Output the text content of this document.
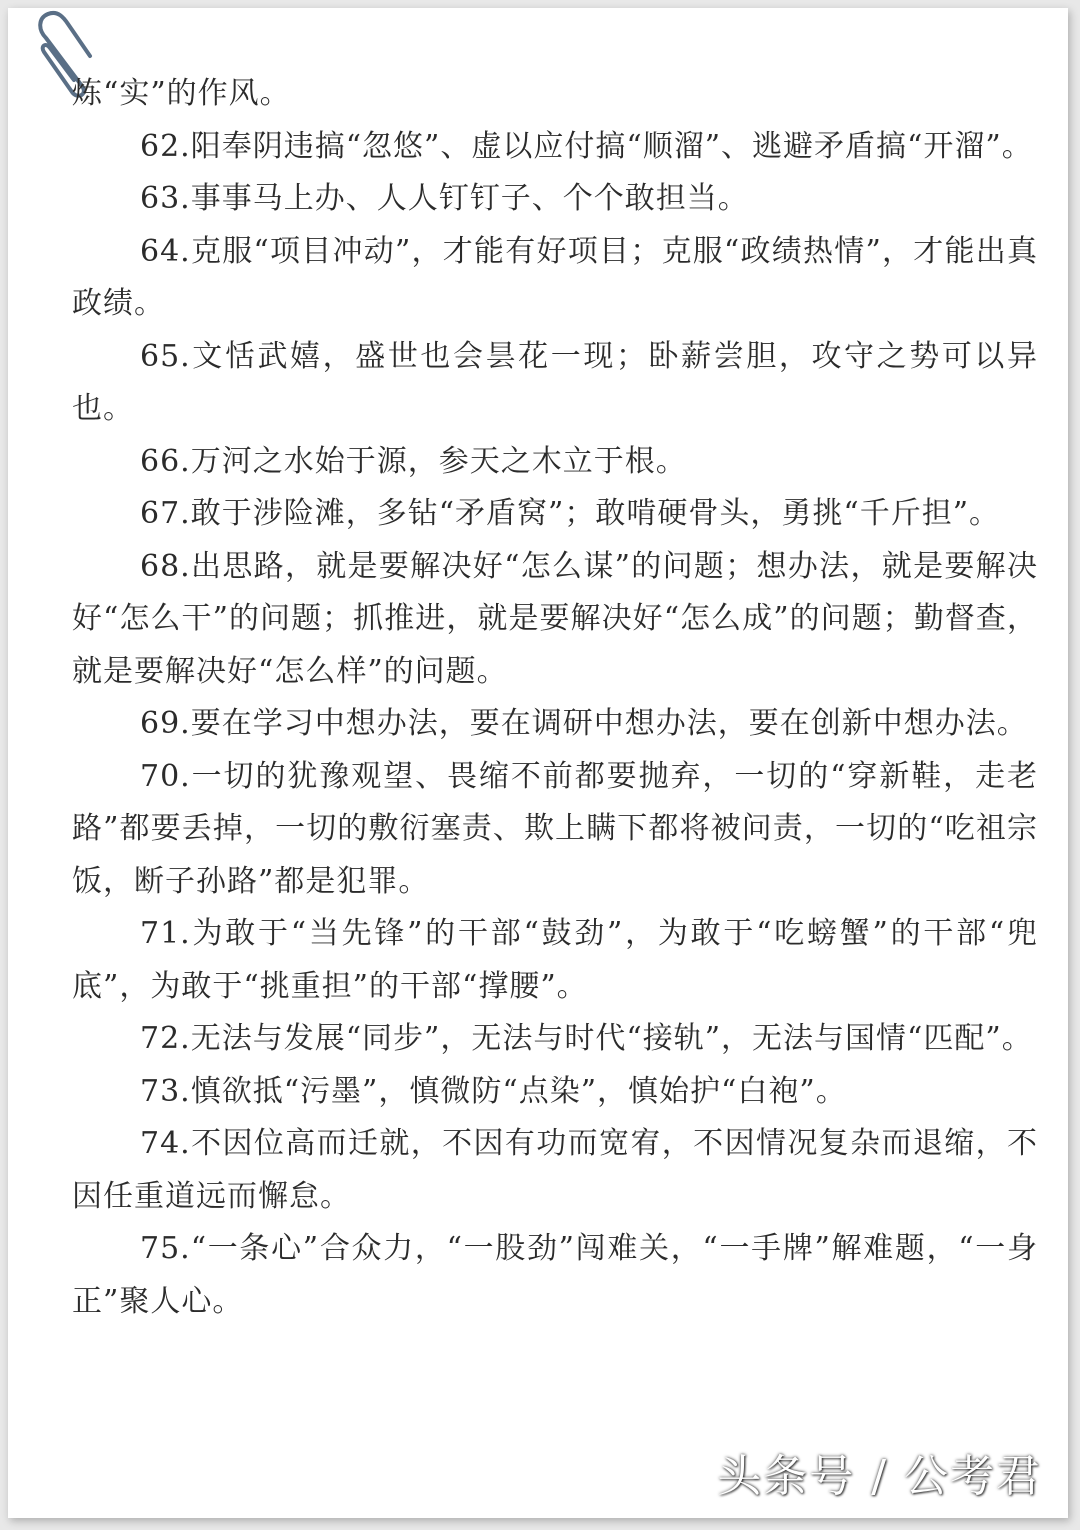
炼“实”的作风。

62.阳奉阴违搞“忽悠”、虚以应付搞“顺溜”、逃避矛盾搞“开溜”。

63.事事马上办、人人钉钉子、个个敢担当。

64.克服“项目冲动”，才能有好项目；克服“政绩热情”，才能出真政绩。

65.文恬武嬉，盛世也会昙花一现；卧薪尝胆，攻守之势可以异也。

66.万河之水始于源，参天之木立于根。

67.敢于涉险滩，多钻“矛盾窝”；敢啃硬骨头，勇挑“千斤担”。

68.出思路，就是要解决好“怎么谋”的问题；想办法，就是要解决好“怎么干”的问题；抓推进，就是要解决好“怎么成”的问题；勤督查，就是要解决好“怎么样”的问题。

69.要在学习中想办法，要在调研中想办法，要在创新中想办法。

70.一切的犹豫观望、畏缩不前都要抛弃，一切的“穿新鞋，走老路”都要丢掉，一切的敷衍塞责、欺上瞒下都将被问责，一切的“吃祖宗饭，断子孙路”都是犯罪。

71.为敢于“当先锋”的干部“鼓劲”，为敢于“吃螃蟹”的干部“兜底”，为敢于“挑重担”的干部“撑腰”。

72.无法与发展“同步”，无法与时代“接轨”，无法与国情“匹配”。

73.慎欲抵“污墨”，慎微防“点染”，慎始护“白袍”。

74.不因位高而迁就，不因有功而宽宥，不因情况复杂而退缩，不因任重道远而懈怠。

75.“一条心”合众力，“一股劲”闯难关，“一手牌”解难题，“一身正”聚人心。

头条号 / 公考君
